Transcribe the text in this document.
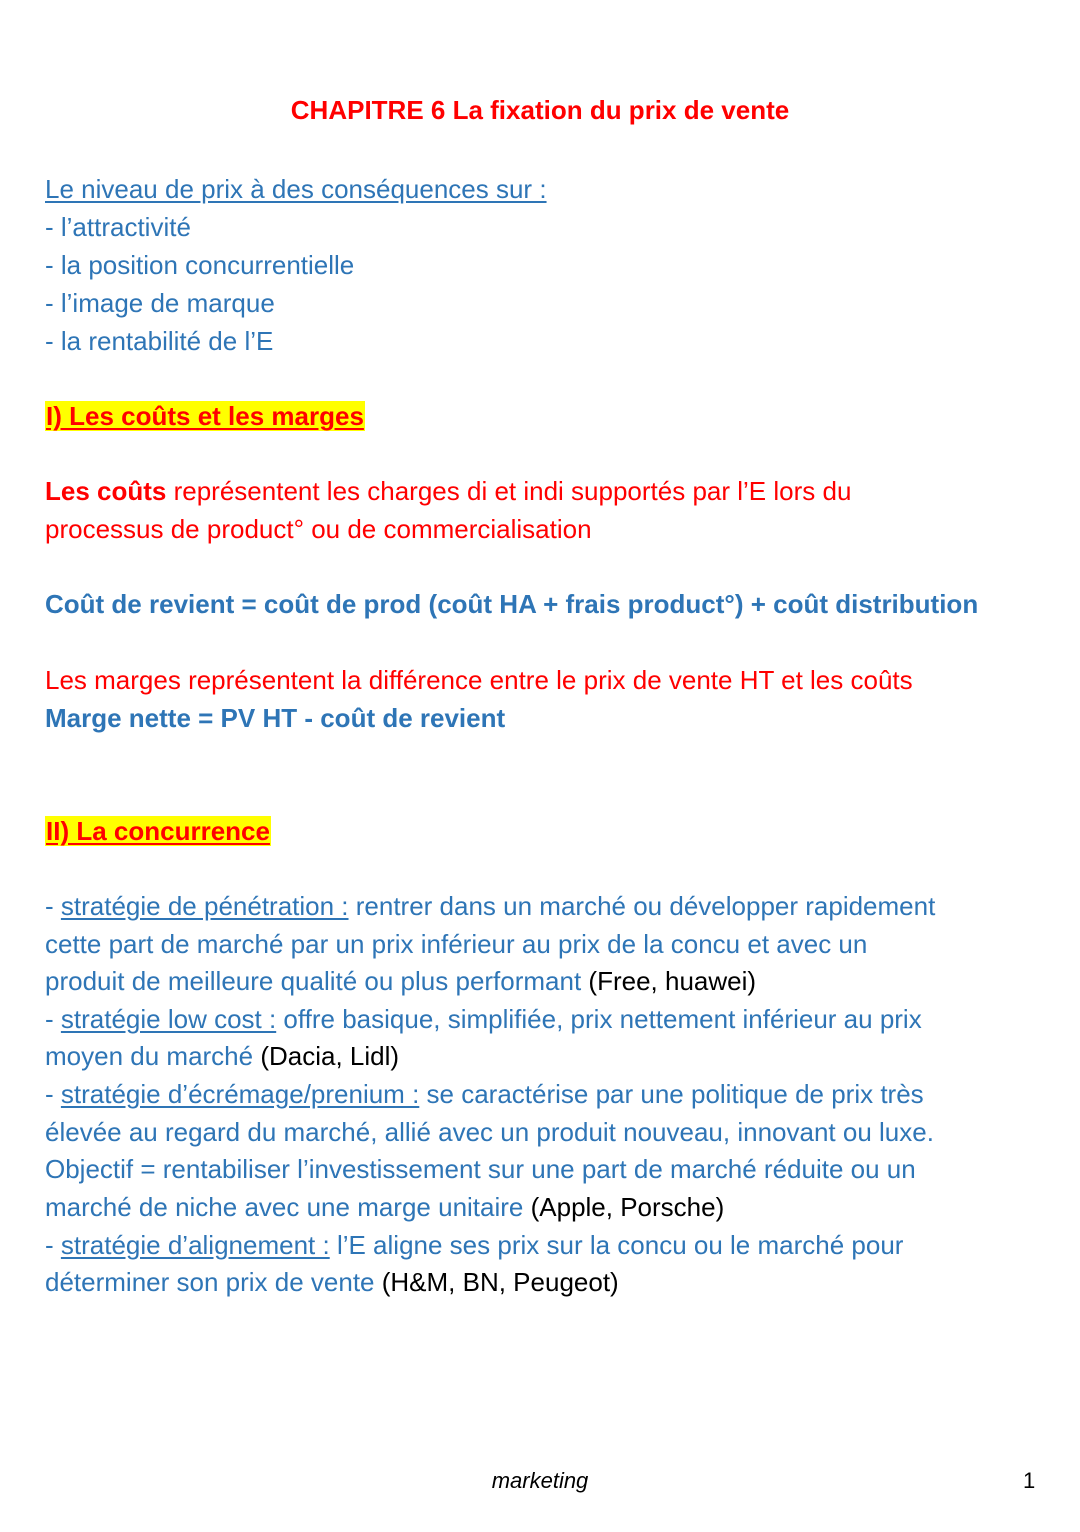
CHAPITRE 6 La fixation du prix de vente
Le niveau de prix à des conséquences sur :
- l’attractivité
- la position concurrentielle
- l’image de marque
- la rentabilité de l’E
I) Les coûts et les marges
Les coûts représentent les charges di et indi supportés par l’E lors du
processus de product° ou de commercialisation
Coût de revient = coût de prod (coût HA + frais product°) + coût distribution
Les marges représentent la différence entre le prix de vente HT et les coûts
Marge nette = PV HT - coût de revient
II) La concurrence
- stratégie de pénétration : rentrer dans un marché ou développer rapidement
cette part de marché par un prix inférieur au prix de la concu et avec un
produit de meilleure qualité ou plus performant (Free, huawei)
- stratégie low cost : offre basique, simplifiée, prix nettement inférieur au prix
moyen du marché (Dacia, Lidl)
- stratégie d’écrémage/prenium : se caractérise par une politique de prix très
élevée au regard du marché, allié avec un produit nouveau, innovant ou luxe.
Objectif = rentabiliser l’investissement sur une part de marché réduite ou un
marché de niche avec une marge unitaire (Apple, Porsche)
- stratégie d’alignement : l’E aligne ses prix sur la concu ou le marché pour
déterminer son prix de vente (H&M, BN, Peugeot)
marketing	1
